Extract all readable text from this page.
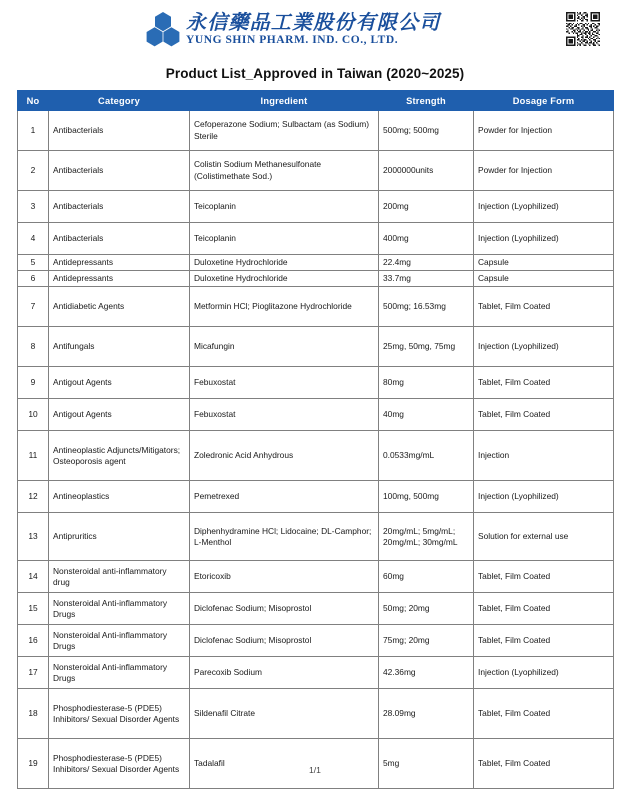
永信藥品工業股份有限公司
YUNG SHIN PHARM. IND. CO., LTD.
Product List_Approved in Taiwan (2020~2025)
No	Category	Ingredient	Strength	Dosage Form
1	Antibacterials	Cefoperazone Sodium; Sulbactam (as Sodium) Sterile	500mg; 500mg	Powder for Injection
2	Antibacterials	Colistin Sodium Methanesulfonate (Colistimethate Sod.)	2000000units	Powder for Injection
3	Antibacterials	Teicoplanin	200mg	Injection (Lyophilized)
4	Antibacterials	Teicoplanin	400mg	Injection (Lyophilized)
5	Antidepressants	Duloxetine Hydrochloride	22.4mg	Capsule
6	Antidepressants	Duloxetine Hydrochloride	33.7mg	Capsule
7	Antidiabetic Agents	Metformin HCl; Pioglitazone Hydrochloride	500mg; 16.53mg	Tablet, Film Coated
8	Antifungals	Micafungin	25mg, 50mg, 75mg	Injection (Lyophilized)
9	Antigout Agents	Febuxostat	80mg	Tablet, Film Coated
10	Antigout Agents	Febuxostat	40mg	Tablet, Film Coated
11	Antineoplastic Adjuncts/Mitigators; Osteoporosis agent	Zoledronic Acid Anhydrous	0.0533mg/mL	Injection
12	Antineoplastics	Pemetrexed	100mg, 500mg	Injection (Lyophilized)
13	Antipruritics	Diphenhydramine HCl; Lidocaine; DL-Camphor; L-Menthol	20mg/mL; 5mg/mL; 20mg/mL; 30mg/mL	Solution for external use
14	Nonsteroidal anti-inflammatory drug	Etoricoxib	60mg	Tablet, Film Coated
15	Nonsteroidal Anti-inflammatory Drugs	Diclofenac Sodium; Misoprostol	50mg; 20mg	Tablet, Film Coated
16	Nonsteroidal Anti-inflammatory Drugs	Diclofenac Sodium; Misoprostol	75mg; 20mg	Tablet, Film Coated
17	Nonsteroidal Anti-inflammatory Drugs	Parecoxib Sodium	42.36mg	Injection (Lyophilized)
18	Phosphodiesterase-5 (PDE5) Inhibitors/ Sexual Disorder Agents	Sildenafil Citrate	28.09mg	Tablet, Film Coated
19	Phosphodiesterase-5 (PDE5) Inhibitors/ Sexual Disorder Agents	Tadalafil	5mg	Tablet, Film Coated
1/1
